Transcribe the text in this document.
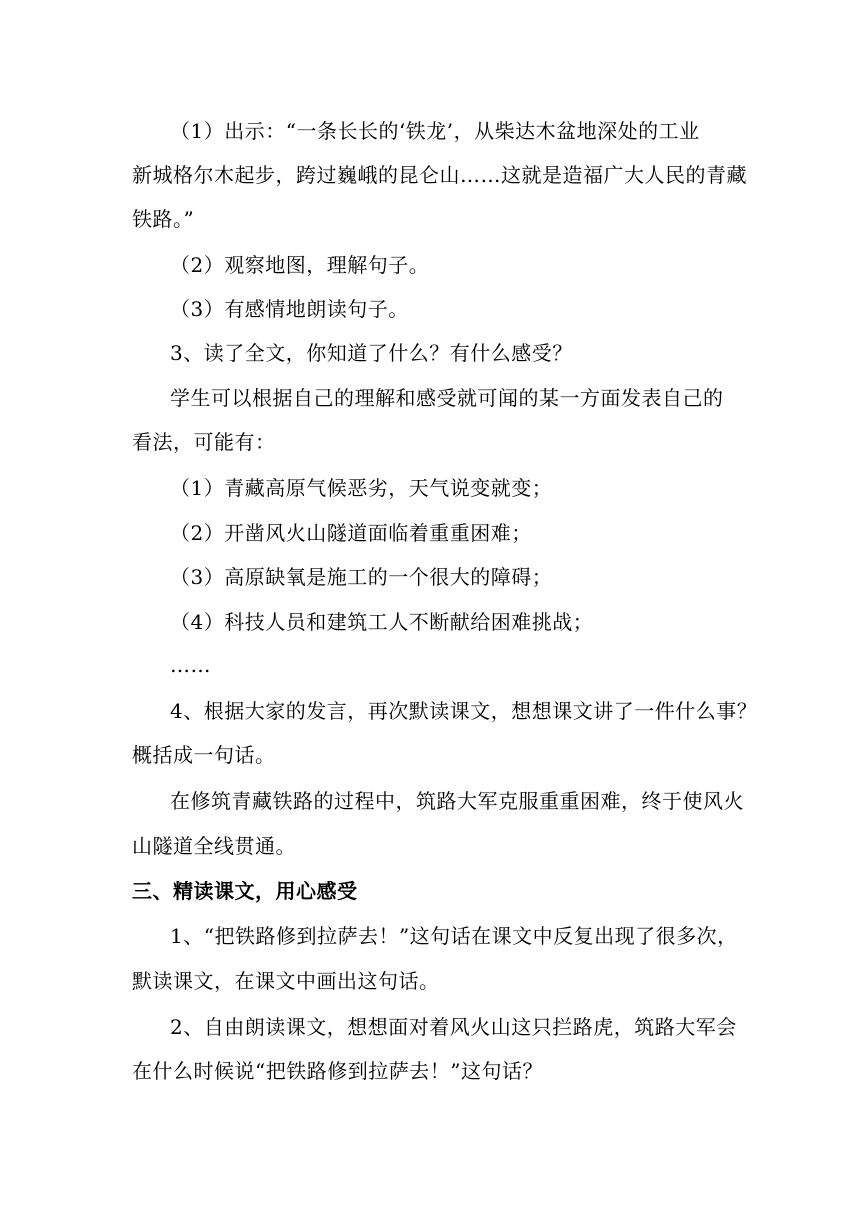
（1）出示：“一条长长的‘铁龙’，从柴达木盆地深处的工业
新城格尔木起步，跨过巍峨的昆仑山……这就是造福广大人民的青藏
铁路。”
（2）观察地图，理解句子。
（3）有感情地朗读句子。
3、读了全文，你知道了什么？有什么感受？
学生可以根据自己的理解和感受就可闻的某一方面发表自己的
看法，可能有：
（1）青藏高原气候恶劣，天气说变就变；
（2）开凿风火山隧道面临着重重困难；
（3）高原缺氧是施工的一个很大的障碍；
（4）科技人员和建筑工人不断献给困难挑战；
……
4、根据大家的发言，再次默读课文，想想课文讲了一件什么事？
概括成一句话。
在修筑青藏铁路的过程中，筑路大军克服重重困难，终于使风火
山隧道全线贯通。
三、精读课文，用心感受
1、“把铁路修到拉萨去！”这句话在课文中反复出现了很多次，
默读课文，在课文中画出这句话。
2、自由朗读课文，想想面对着风火山这只拦路虎，筑路大军会
在什么时候说“把铁路修到拉萨去！”这句话？
